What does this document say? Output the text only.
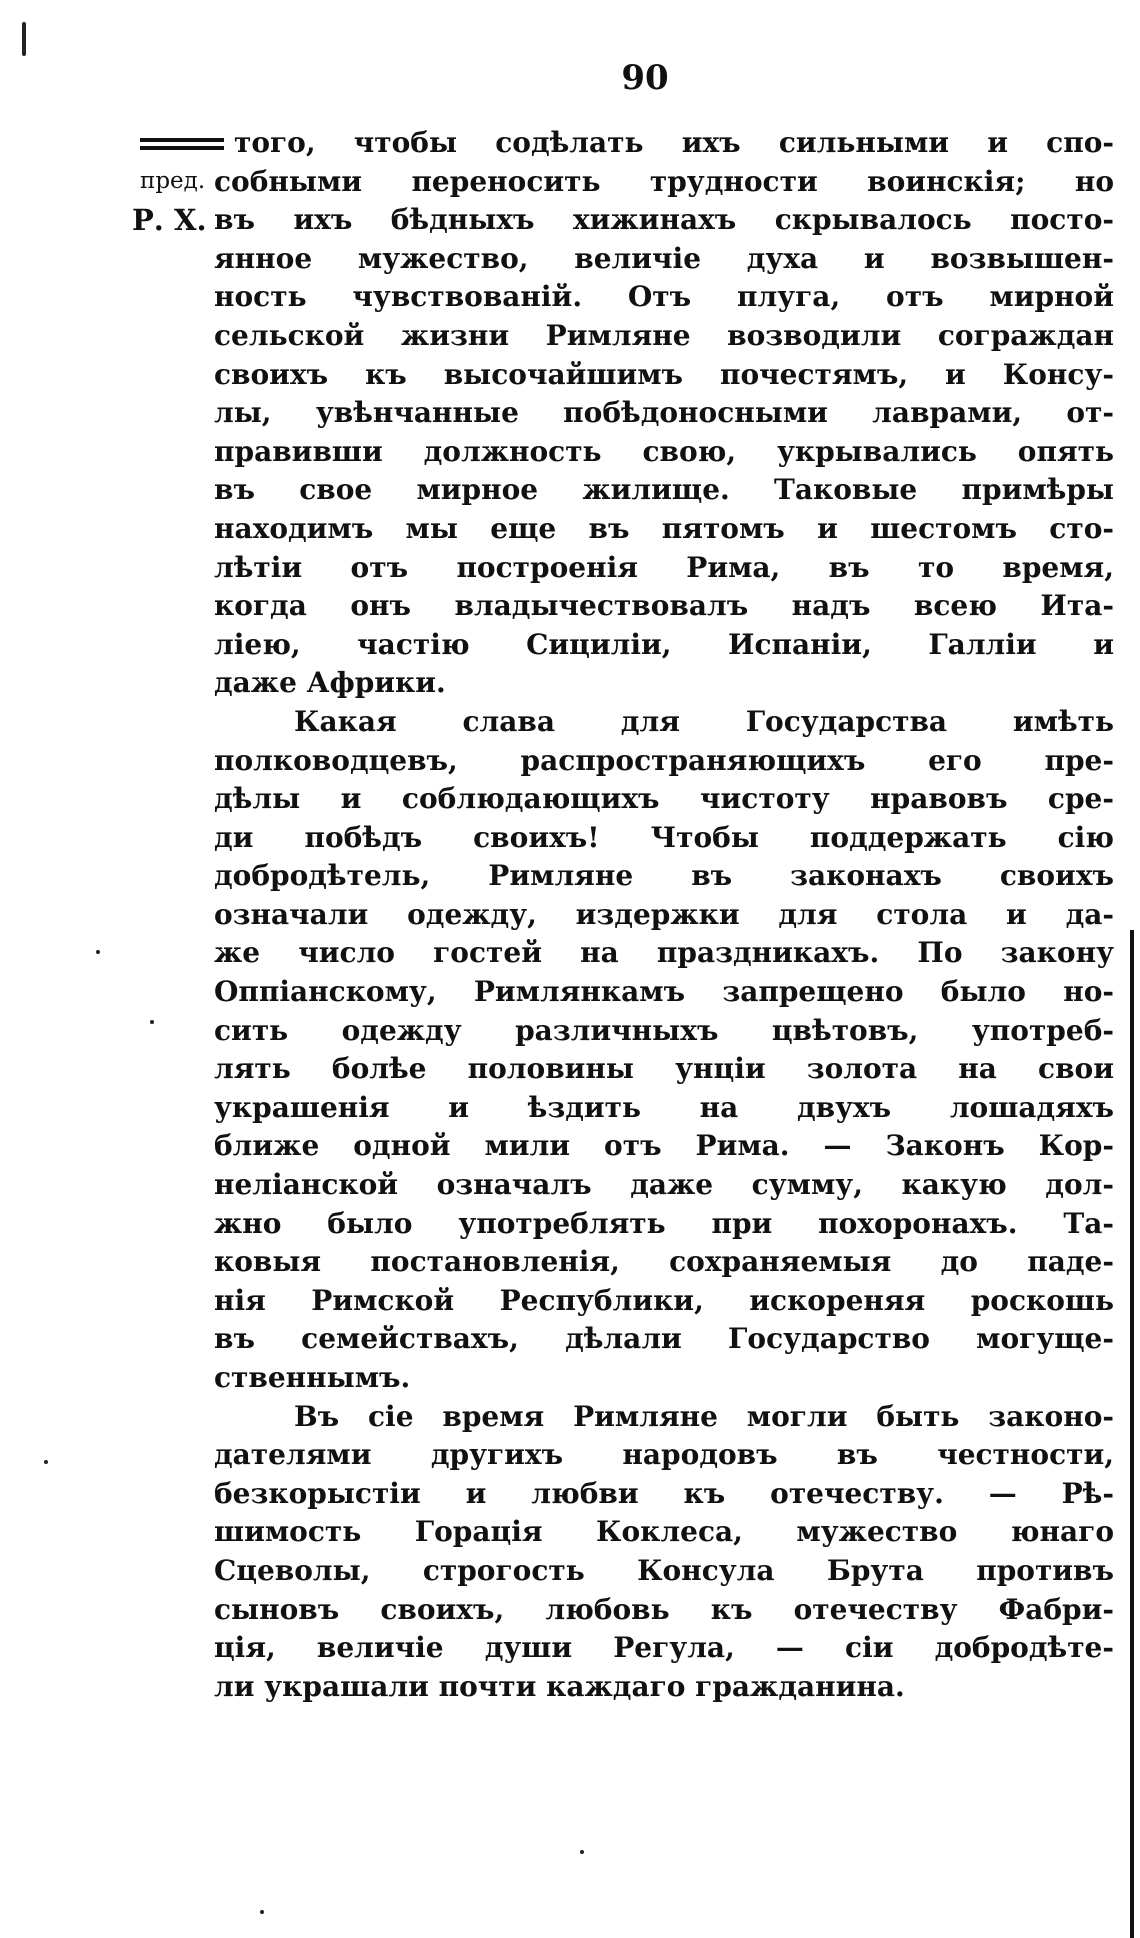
90
пред.
Р. Х.
того, чтобы содѣлать ихъ сильными и спо-
собными переносить трудности воинскія; но
въ ихъ бѣдныхъ хижинахъ скрывалось посто-
янное мужество, величіе духа и возвышен-
ность чувствованій. Отъ плуга, отъ мирной
сельской жизни Римляне возводили сограждан
своихъ къ высочайшимъ почестямъ, и Консу-
лы, увѣнчанные побѣдоносными лаврами, от-
правивши должность свою, укрывались опять
въ свое мирное жилище. Таковые примѣры
находимъ мы еще въ пятомъ и шестомъ сто-
лѣтіи отъ построенія Рима, въ то время,
когда онъ владычествовалъ надъ всею Ита-
ліею, частію Сициліи, Испаніи, Галліи и
даже Африки.
Какая слава для Государства имѣть
полководцевъ, распространяющихъ его пре-
дѣлы и соблюдающихъ чистоту нравовъ сре-
ди побѣдъ своихъ! Чтобы поддержать сію
добродѣтель, Римляне въ законахъ своихъ
означали одежду, издержки для стола и да-
же число гостей на праздникахъ. По закону
Оппіанскому, Римлянкамъ запрещено было но-
сить одежду различныхъ цвѣтовъ, употреб-
лять болѣе половины унціи золота на свои
украшенія и ѣздить на двухъ лошадяхъ
ближе одной мили отъ Рима. — Законъ Кор-
неліанской означалъ даже сумму, какую дол-
жно было употреблять при похоронахъ. Та-
ковыя постановленія, сохраняемыя до паде-
нія Римской Республики, искореняя роскошь
въ семействахъ, дѣлали Государство могуще-
ственнымъ.
Въ сіе время Римляне могли быть законо-
дателями другихъ народовъ въ честности,
безкорыстіи и любви къ отечеству. — Рѣ-
шимость Горація Коклеса, мужество юнаго
Сцеволы, строгость Консула Брута противъ
сыновъ своихъ, любовь къ отечеству Фабри-
ція, величіе души Регула, — сіи добродѣте-
ли украшали почти каждаго гражданина.
